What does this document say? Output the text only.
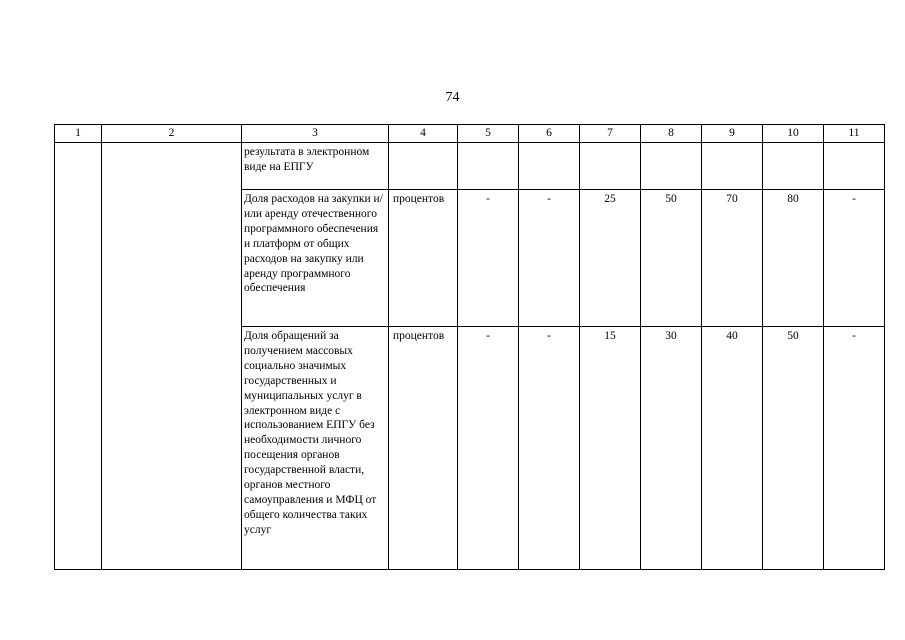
74
1	2	3	4	5	6	7	8	9	10	11

		результата в электронном виде на ЕПГУ								

		Доля расходов на закупки и/или аренду отечественного программного обеспечения и платформ от общих расходов на закупку или аренду программного обеспечения	процентов	-	-	25	50	70	80	-

		Доля обращений за получением массовых социально значимых государственных и муниципальных услуг в электронном виде с использованием ЕПГУ без необходимости личного посещения органов государственной власти, органов местного самоуправления и МФЦ от общего количества таких услуг	процентов	-	-	15	30	40	50	-
